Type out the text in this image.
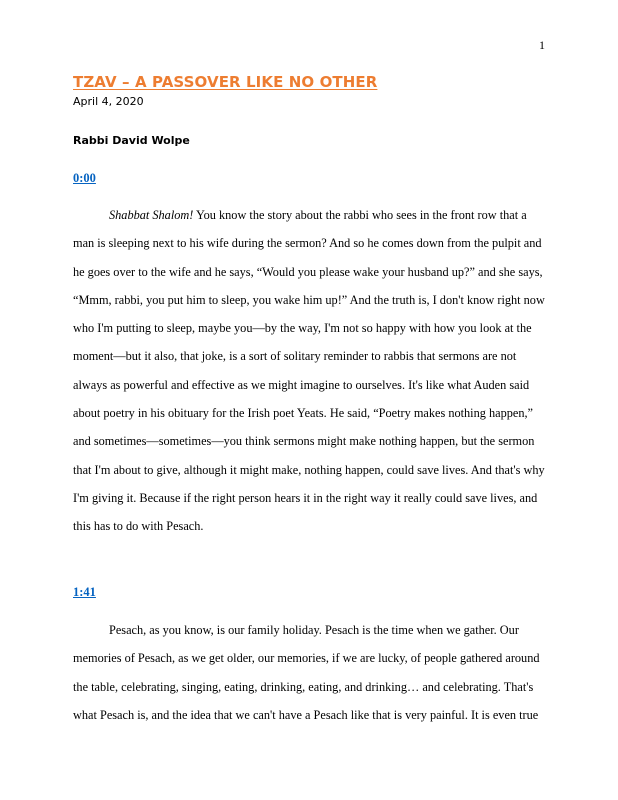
1
TZAV – A PASSOVER LIKE NO OTHER
April 4, 2020
Rabbi David Wolpe
0:00

Shabbat Shalom! You know the story about the rabbi who sees in the front row that a man is sleeping next to his wife during the sermon? And so he comes down from the pulpit and he goes over to the wife and he says, “Would you please wake your husband up?” and she says, “Mmm, rabbi, you put him to sleep, you wake him up!” And the truth is, I don't know right now who I'm putting to sleep, maybe you—by the way, I'm not so happy with how you look at the moment—but it also, that joke, is a sort of solitary reminder to rabbis that sermons are not always as powerful and effective as we might imagine to ourselves. It's like what Auden said about poetry in his obituary for the Irish poet Yeats. He said, “Poetry makes nothing happen,” and sometimes—sometimes—you think sermons might make nothing happen, but the sermon that I'm about to give, although it might make, nothing happen, could save lives. And that's why I'm giving it. Because if the right person hears it in the right way it really could save lives, and this has to do with Pesach.

1:41

Pesach, as you know, is our family holiday. Pesach is the time when we gather. Our memories of Pesach, as we get older, our memories, if we are lucky, of people gathered around the table, celebrating, singing, eating, drinking, eating, and drinking… and celebrating. That's what Pesach is, and the idea that we can't have a Pesach like that is very painful. It is even true
